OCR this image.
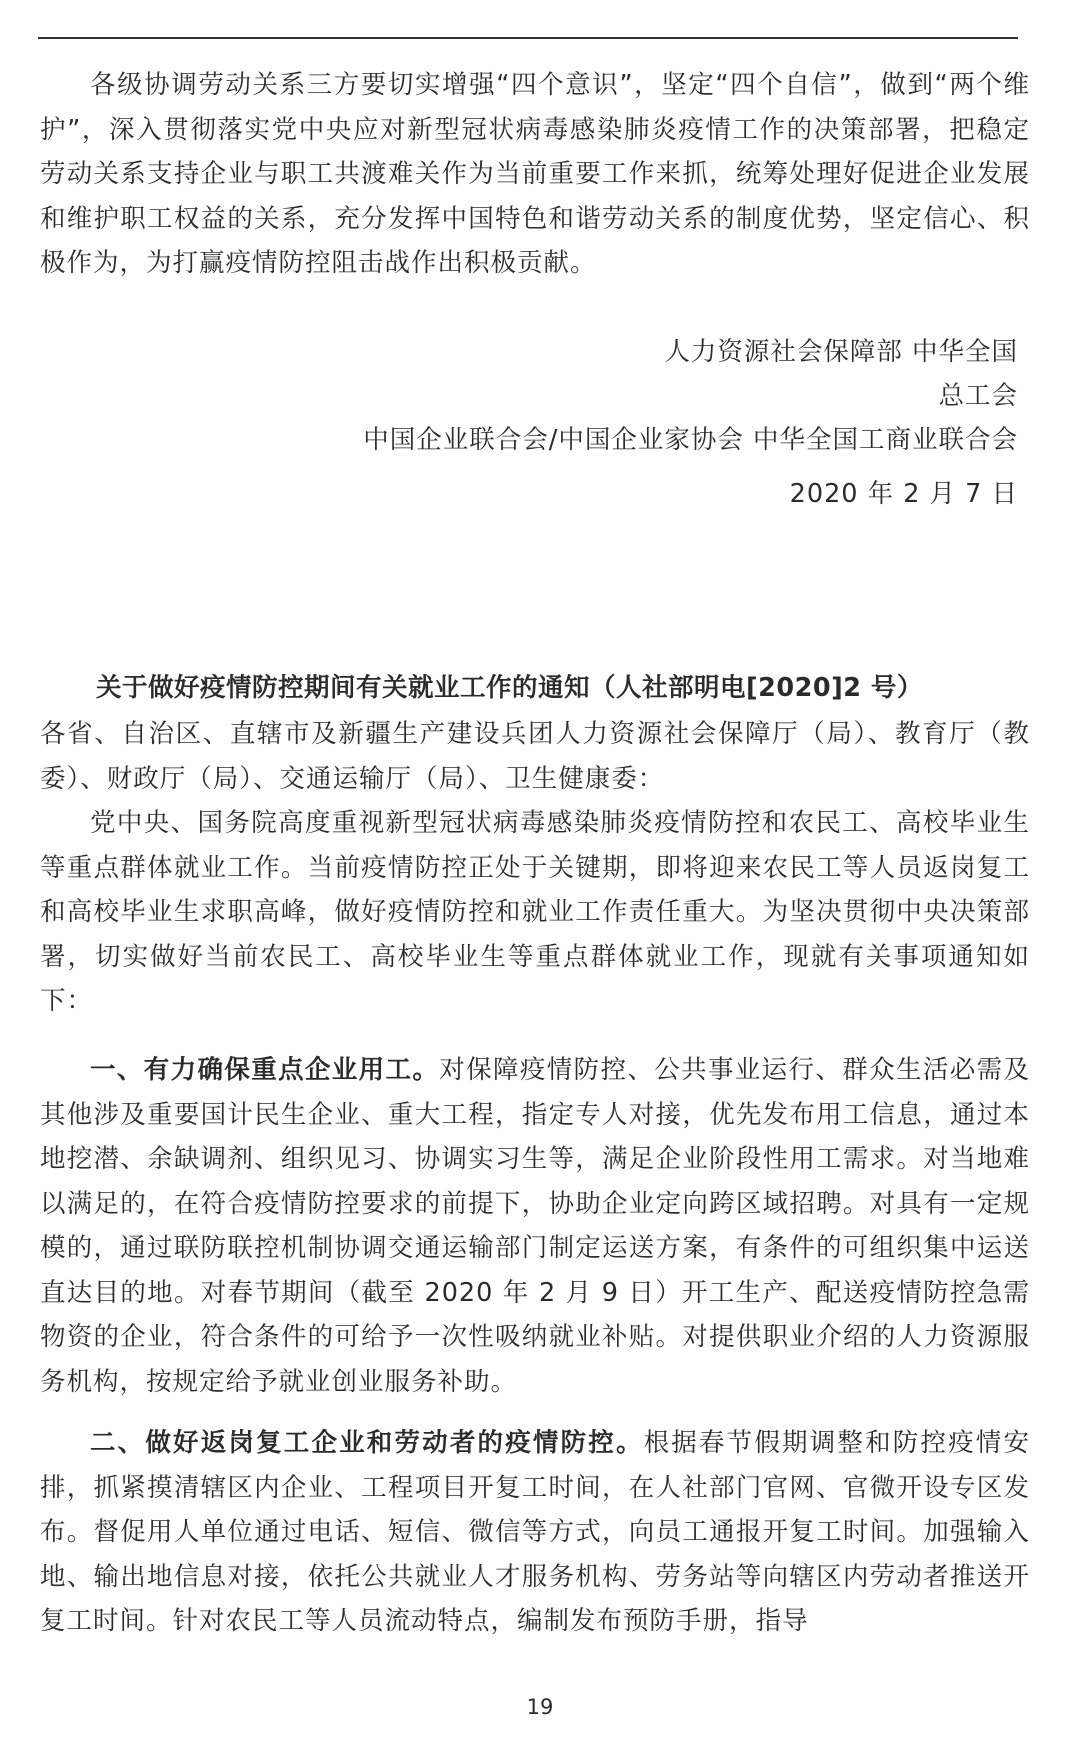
各级协调劳动关系三方要切实增强“四个意识”，坚定“四个自信”，做到“两个维护”，深入贯彻落实党中央应对新型冠状病毒感染肺炎疫情工作的决策部署，把稳定劳动关系支持企业与职工共渡难关作为当前重要工作来抓，统筹处理好促进企业发展和维护职工权益的关系，充分发挥中国特色和谐劳动关系的制度优势，坚定信心、积极作为，为打赢疫情防控阻击战作出积极贡献。

人力资源社会保障部 中华全国

总工会

中国企业联合会/中国企业家协会 中华全国工商业联合会

2020 年 2 月 7 日

关于做好疫情防控期间有关就业工作的通知（人社部明电[2020]2 号）

各省、自治区、直辖市及新疆生产建设兵团人力资源社会保障厅（局）、教育厅（教委）、财政厅（局）、交通运输厅（局）、卫生健康委：

党中央、国务院高度重视新型冠状病毒感染肺炎疫情防控和农民工、高校毕业生等重点群体就业工作。当前疫情防控正处于关键期，即将迎来农民工等人员返岗复工和高校毕业生求职高峰，做好疫情防控和就业工作责任重大。为坚决贯彻中央决策部署，切实做好当前农民工、高校毕业生等重点群体就业工作，现就有关事项通知如下：

一、有力确保重点企业用工。对保障疫情防控、公共事业运行、群众生活必需及其他涉及重要国计民生企业、重大工程，指定专人对接，优先发布用工信息，通过本地挖潜、余缺调剂、组织见习、协调实习生等，满足企业阶段性用工需求。对当地难以满足的，在符合疫情防控要求的前提下，协助企业定向跨区域招聘。对具有一定规模的，通过联防联控机制协调交通运输部门制定运送方案，有条件的可组织集中运送直达目的地。对春节期间（截至 2020 年 2 月 9 日）开工生产、配送疫情防控急需物资的企业，符合条件的可给予一次性吸纳就业补贴。对提供职业介绍的人力资源服务机构，按规定给予就业创业服务补助。

二、做好返岗复工企业和劳动者的疫情防控。根据春节假期调整和防控疫情安排，抓紧摸清辖区内企业、工程项目开复工时间，在人社部门官网、官微开设专区发布。督促用人单位通过电话、短信、微信等方式，向员工通报开复工时间。加强输入地、输出地信息对接，依托公共就业人才服务机构、劳务站等向辖区内劳动者推送开复工时间。针对农民工等人员流动特点，编制发布预防手册，指导

19
